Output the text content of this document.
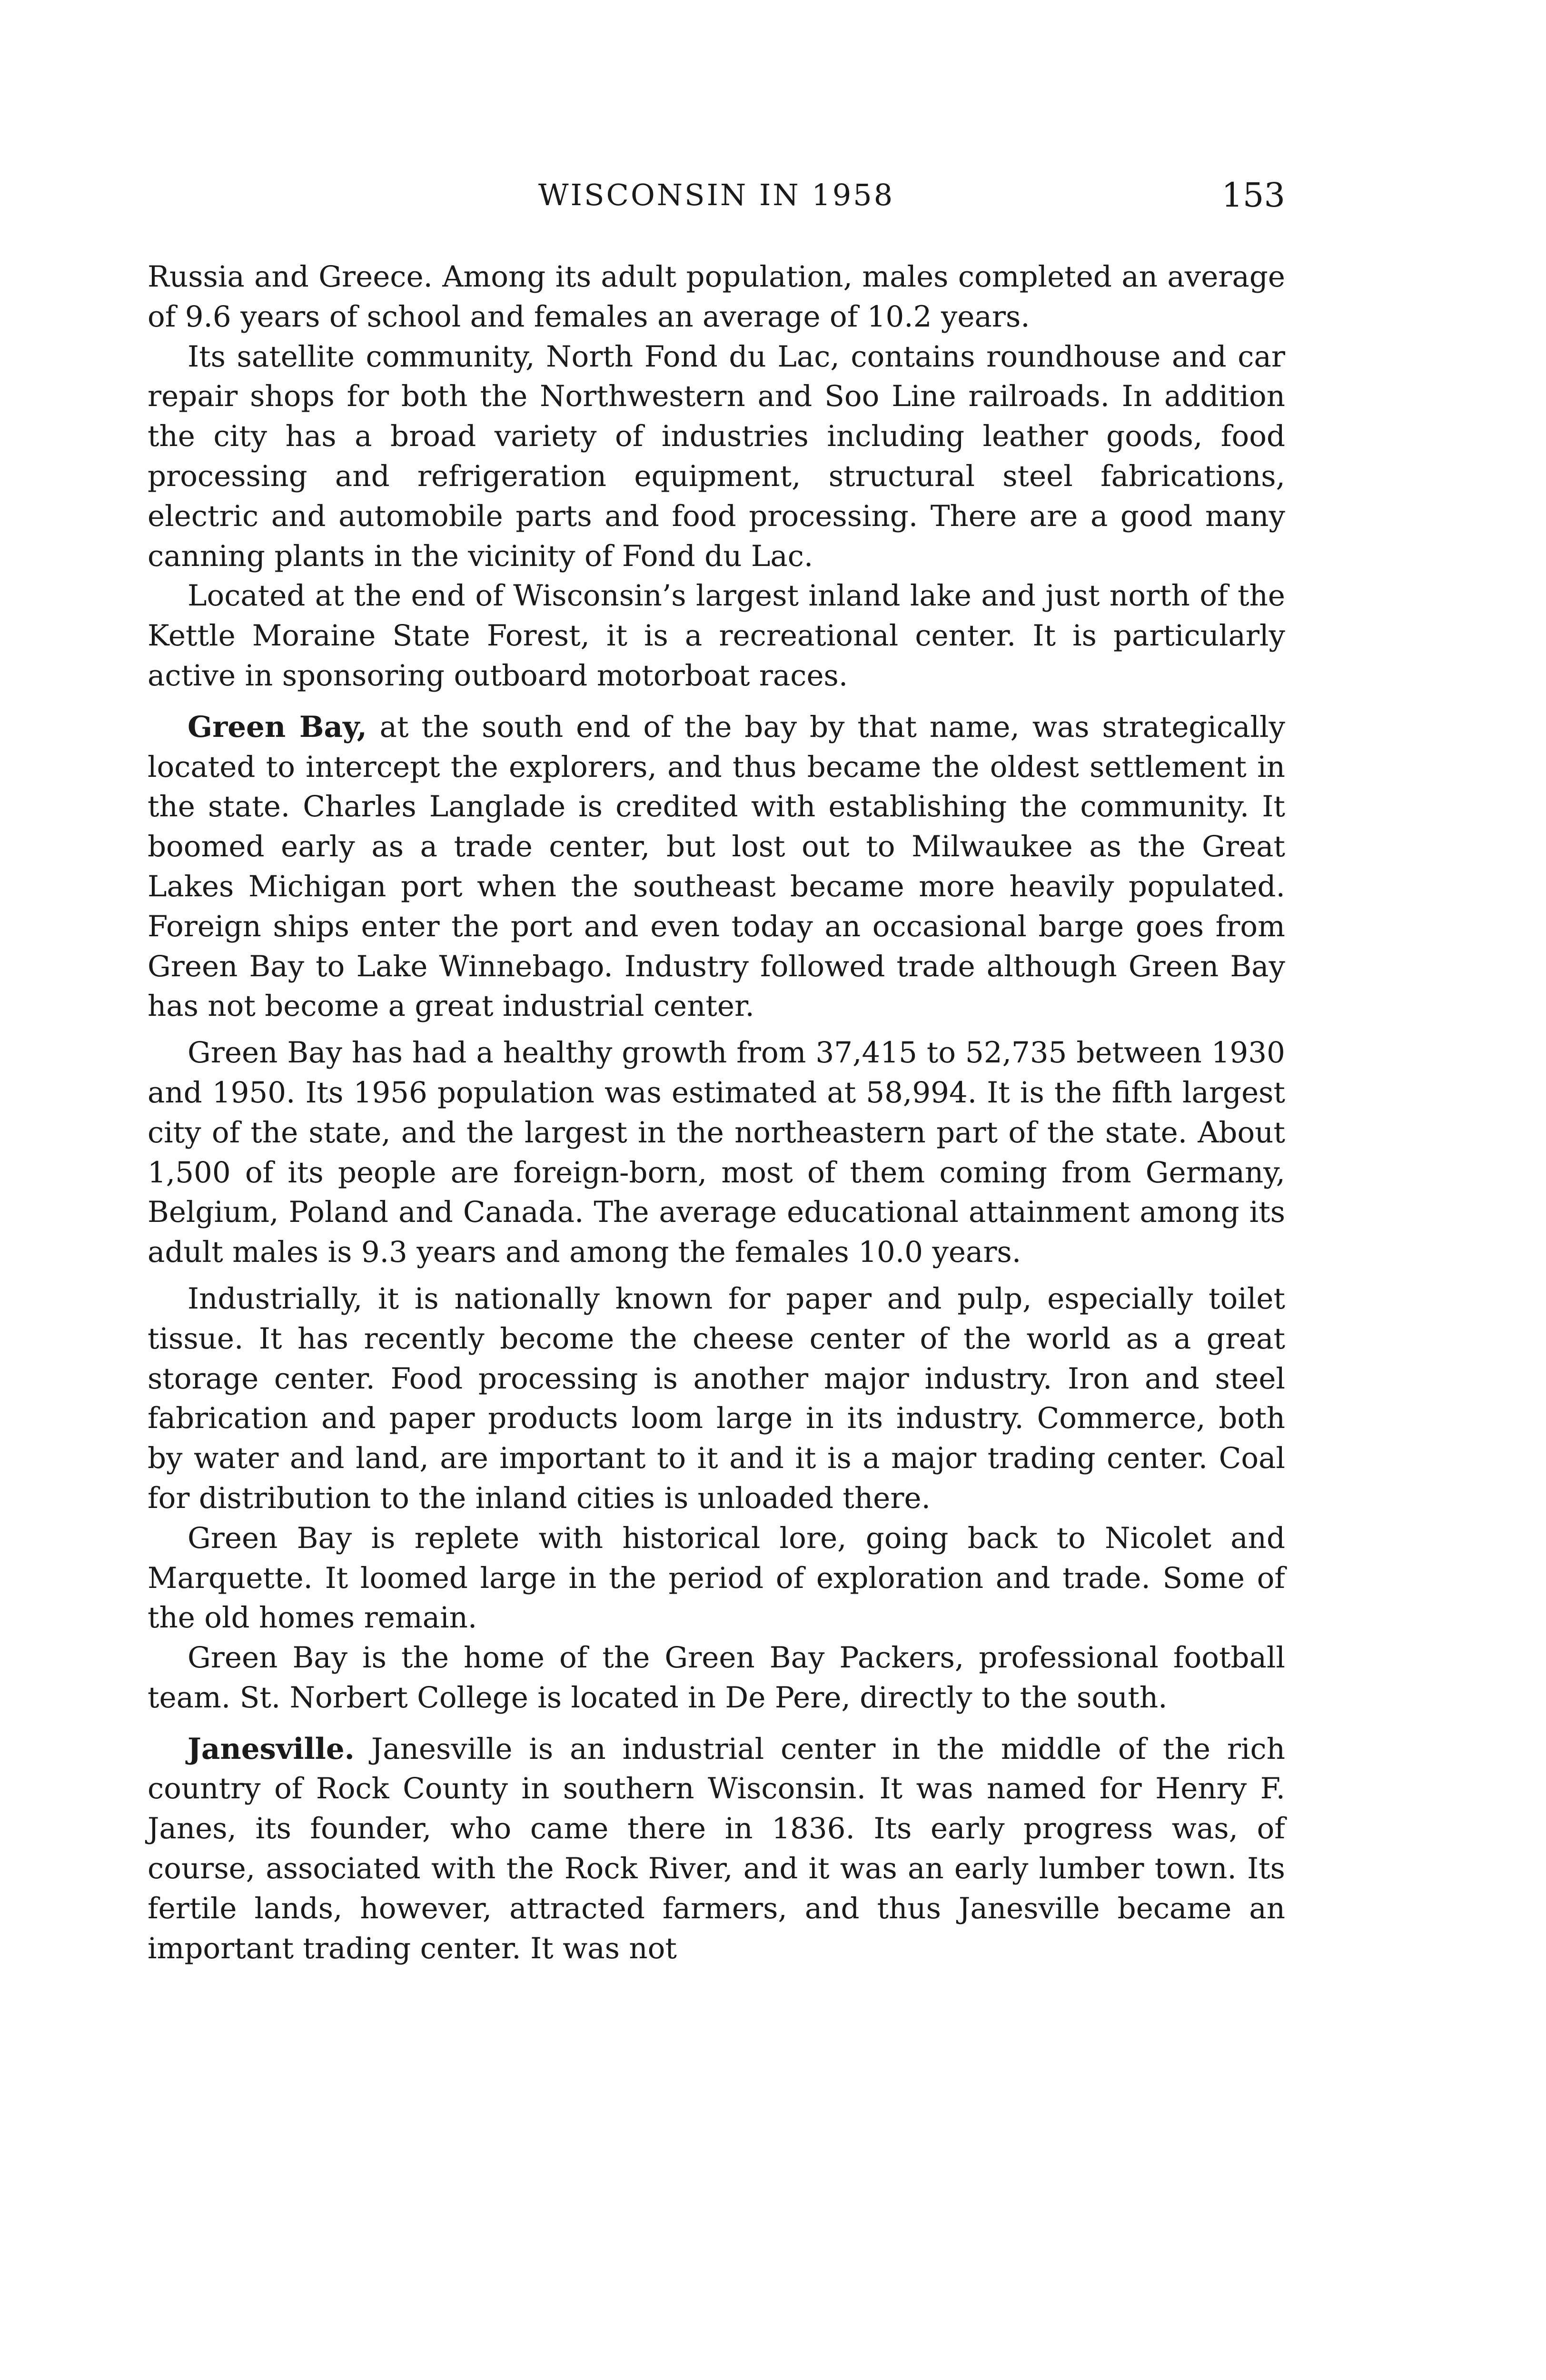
WISCONSIN IN 1958	153

Russia and Greece. Among its adult population, males completed an average of 9.6 years of school and females an average of 10.2 years.

Its satellite community, North Fond du Lac, contains roundhouse and car repair shops for both the Northwestern and Soo Line railroads. In addition the city has a broad variety of industries including leather goods, food processing and refrigeration equipment, structural steel fabrications, electric and automobile parts and food processing. There are a good many canning plants in the vicinity of Fond du Lac.

Located at the end of Wisconsin’s largest inland lake and just north of the Kettle Moraine State Forest, it is a recreational center. It is particularly active in sponsoring outboard motorboat races.

Green Bay, at the south end of the bay by that name, was strategically located to intercept the explorers, and thus became the oldest settlement in the state. Charles Langlade is credited with establishing the community. It boomed early as a trade center, but lost out to Milwaukee as the Great Lakes Michigan port when the southeast became more heavily populated. Foreign ships enter the port and even today an occasional barge goes from Green Bay to Lake Winnebago. Industry followed trade although Green Bay has not become a great industrial center.

Green Bay has had a healthy growth from 37,415 to 52,735 between 1930 and 1950. Its 1956 population was estimated at 58,994. It is the fifth largest city of the state, and the largest in the northeastern part of the state. About 1,500 of its people are foreign-born, most of them coming from Germany, Belgium, Poland and Canada. The average educational attainment among its adult males is 9.3 years and among the females 10.0 years.

Industrially, it is nationally known for paper and pulp, especially toilet tissue. It has recently become the cheese center of the world as a great storage center. Food processing is another major industry. Iron and steel fabrication and paper products loom large in its industry. Commerce, both by water and land, are important to it and it is a major trading center. Coal for distribution to the inland cities is unloaded there.

Green Bay is replete with historical lore, going back to Nicolet and Marquette. It loomed large in the period of exploration and trade. Some of the old homes remain.

Green Bay is the home of the Green Bay Packers, professional football team. St. Norbert College is located in De Pere, directly to the south.

Janesville. Janesville is an industrial center in the middle of the rich country of Rock County in southern Wisconsin. It was named for Henry F. Janes, its founder, who came there in 1836. Its early progress was, of course, associated with the Rock River, and it was an early lumber town. Its fertile lands, however, attracted farmers, and thus Janesville became an important trading center. It was not
